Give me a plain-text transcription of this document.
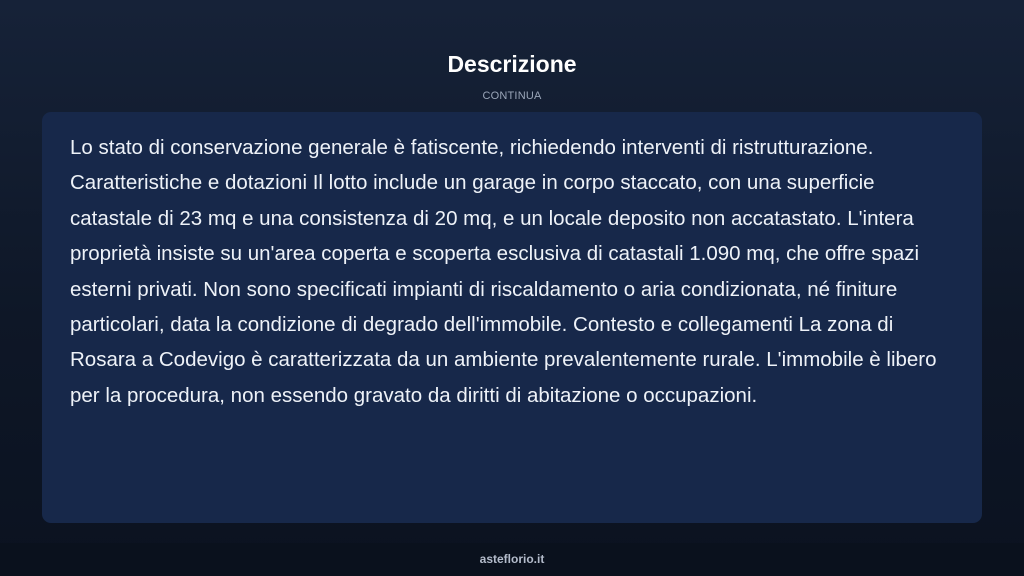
Descrizione
CONTINUA

Lo stato di conservazione generale è fatiscente, richiedendo interventi di ristrutturazione. Caratteristiche e dotazioni Il lotto include un garage in corpo staccato, con una superficie catastale di 23 mq e una consistenza di 20 mq, e un locale deposito non accatastato. L'intera proprietà insiste su un'area coperta e scoperta esclusiva di catastali 1.090 mq, che offre spazi esterni privati. Non sono specificati impianti di riscaldamento o aria condizionata, né finiture particolari, data la condizione di degrado dell'immobile. Contesto e collegamenti La zona di Rosara a Codevigo è caratterizzata da un ambiente prevalentemente rurale. L'immobile è libero per la procedura, non essendo gravato da diritti di abitazione o occupazioni.

asteflorio.it
